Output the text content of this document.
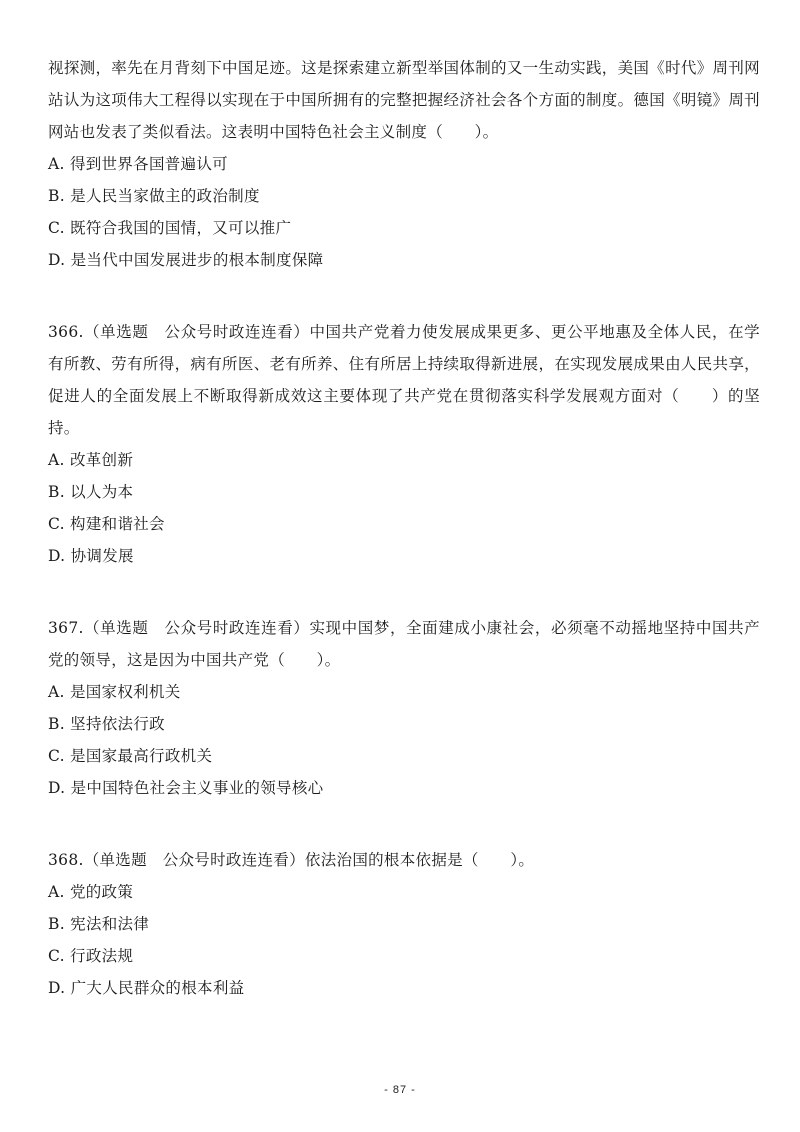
视探测，率先在月背刻下中国足迹。这是探索建立新型举国体制的又一生动实践，美国《时代》周刊网站认为这项伟大工程得以实现在于中国所拥有的完整把握经济社会各个方面的制度。德国《明镜》周刊网站也发表了类似看法。这表明中国特色社会主义制度（　　）。

A. 得到世界各国普遍认可

B. 是人民当家做主的政治制度

C. 既符合我国的国情，又可以推广

D. 是当代中国发展进步的根本制度保障

366.（单选题　公众号时政连连看）中国共产党着力使发展成果更多、更公平地惠及全体人民，在学有所教、劳有所得，病有所医、老有所养、住有所居上持续取得新进展，在实现发展成果由人民共享，促进人的全面发展上不断取得新成效这主要体现了共产党在贯彻落实科学发展观方面对（　　）的坚持。

A. 改革创新

B. 以人为本

C. 构建和谐社会

D. 协调发展

367.（单选题　公众号时政连连看）实现中国梦，全面建成小康社会，必须毫不动摇地坚持中国共产党的领导，这是因为中国共产党（　　）。

A. 是国家权利机关

B. 坚持依法行政

C. 是国家最高行政机关

D. 是中国特色社会主义事业的领导核心

368.（单选题　公众号时政连连看）依法治国的根本依据是（　　）。

A. 党的政策

B. 宪法和法律

C. 行政法规

D. 广大人民群众的根本利益

- 87 -
